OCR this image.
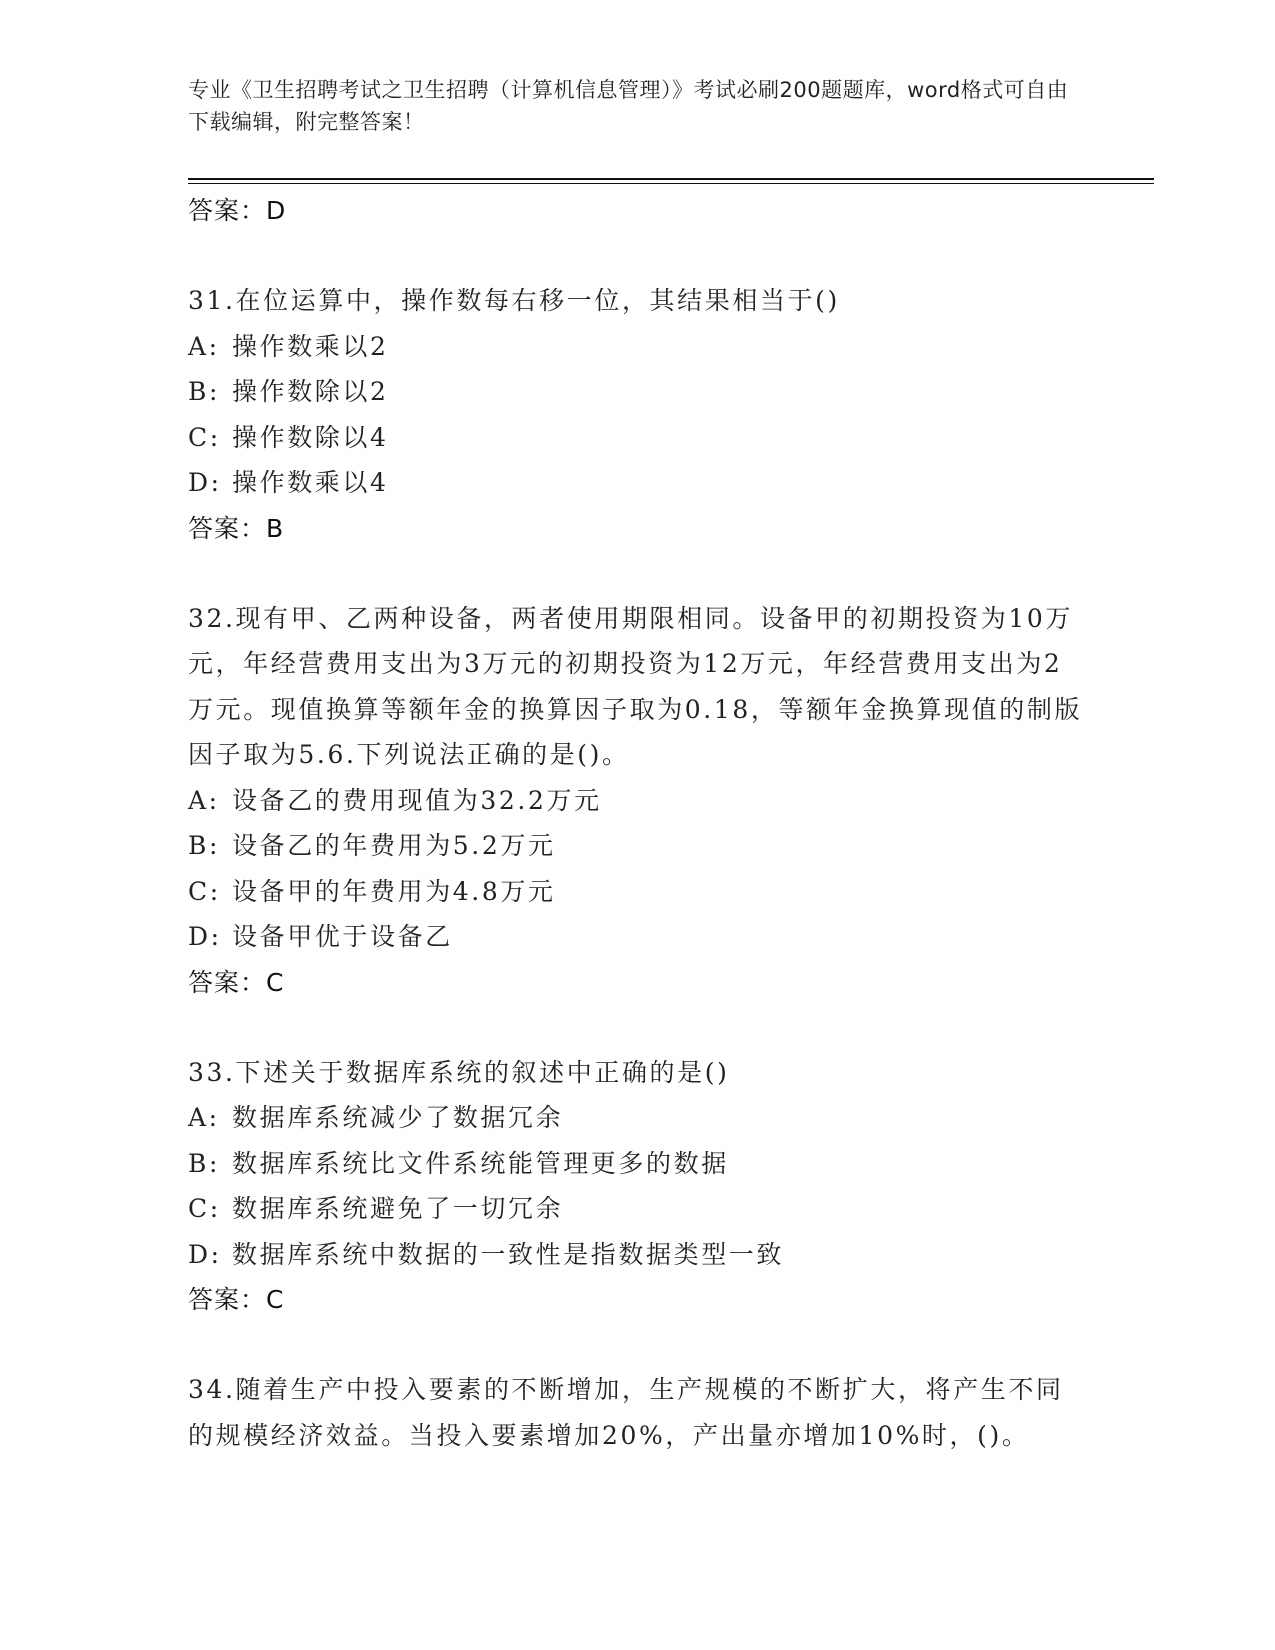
专业《卫生招聘考试之卫生招聘（计算机信息管理）》考试必刷200题题库，word格式可自由下载编辑，附完整答案！
答案：D

31.在位运算中，操作数每右移一位，其结果相当于()

A: 操作数乘以2
B: 操作数除以2
C: 操作数除以4
D: 操作数乘以4
答案：B

32.现有甲、乙两种设备，两者使用期限相同。设备甲的初期投资为10万元，年经营费用支出为3万元的初期投资为12万元，年经营费用支出为2万元。现值换算等额年金的换算因子取为0.18，等额年金换算现值的制版因子取为5.6.下列说法正确的是()。

A: 设备乙的费用现值为32.2万元
B: 设备乙的年费用为5.2万元
C: 设备甲的年费用为4.8万元
D: 设备甲优于设备乙
答案：C

33.下述关于数据库系统的叙述中正确的是()

A: 数据库系统减少了数据冗余
B: 数据库系统比文件系统能管理更多的数据
C: 数据库系统避免了一切冗余
D: 数据库系统中数据的一致性是指数据类型一致
答案：C

34.随着生产中投入要素的不断增加，生产规模的不断扩大，将产生不同的规模经济效益。当投入要素增加20%，产出量亦增加10%时，()。
